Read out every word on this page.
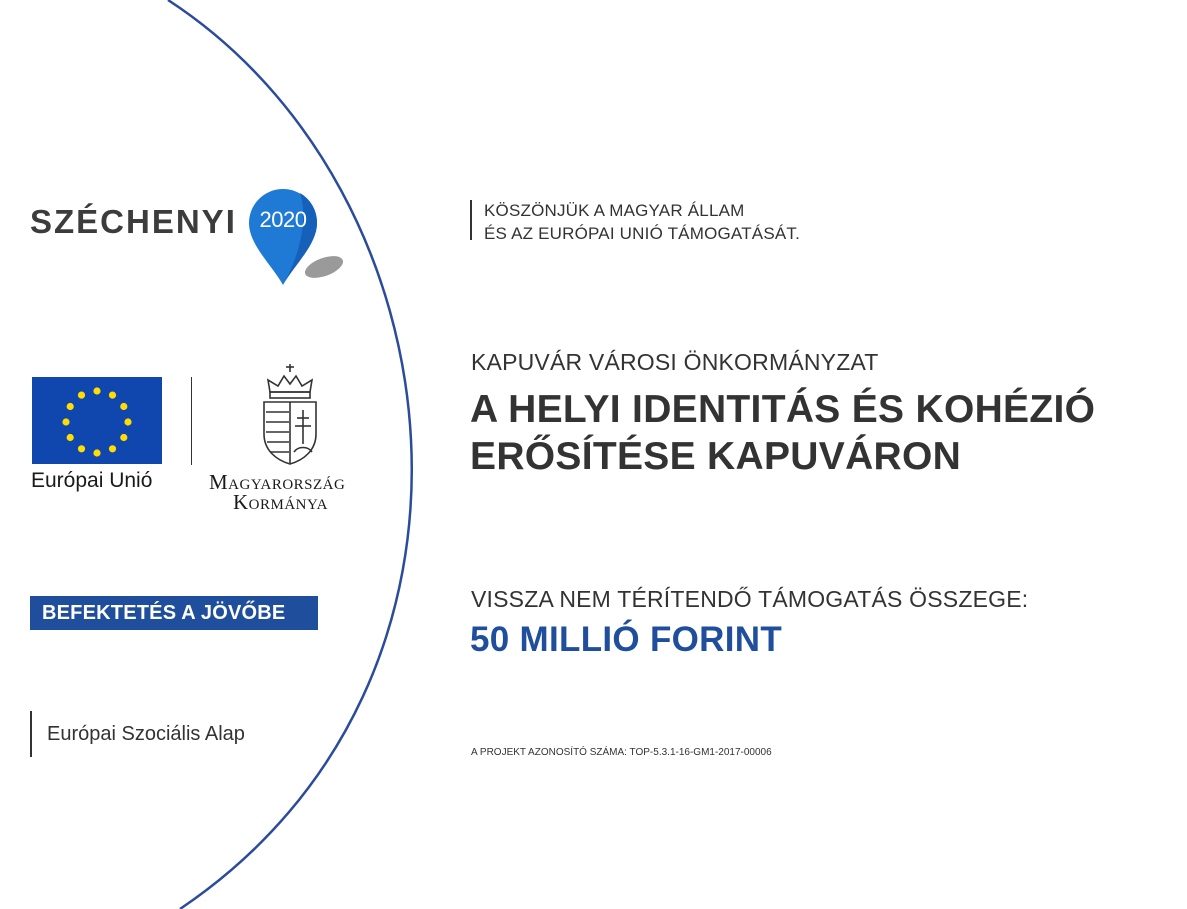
SZÉCHENYI	2020
Európai Unió	Magyarország
Kormánya
BEFEKTETÉS A JÖVŐBE
Európai Szociális Alap
KÖSZÖNJÜK A MAGYAR ÁLLAM
ÉS AZ EURÓPAI UNIÓ TÁMOGATÁSÁT.
KAPUVÁR VÁROSI ÖNKORMÁNYZAT
A HELYI IDENTITÁS ÉS KOHÉZIÓ
ERŐSÍTÉSE KAPUVÁRON
VISSZA NEM TÉRÍTENDŐ TÁMOGATÁS ÖSSZEGE:
50 MILLIÓ FORINT
A PROJEKT AZONOSÍTÓ SZÁMA: TOP-5.3.1-16-GM1-2017-00006
